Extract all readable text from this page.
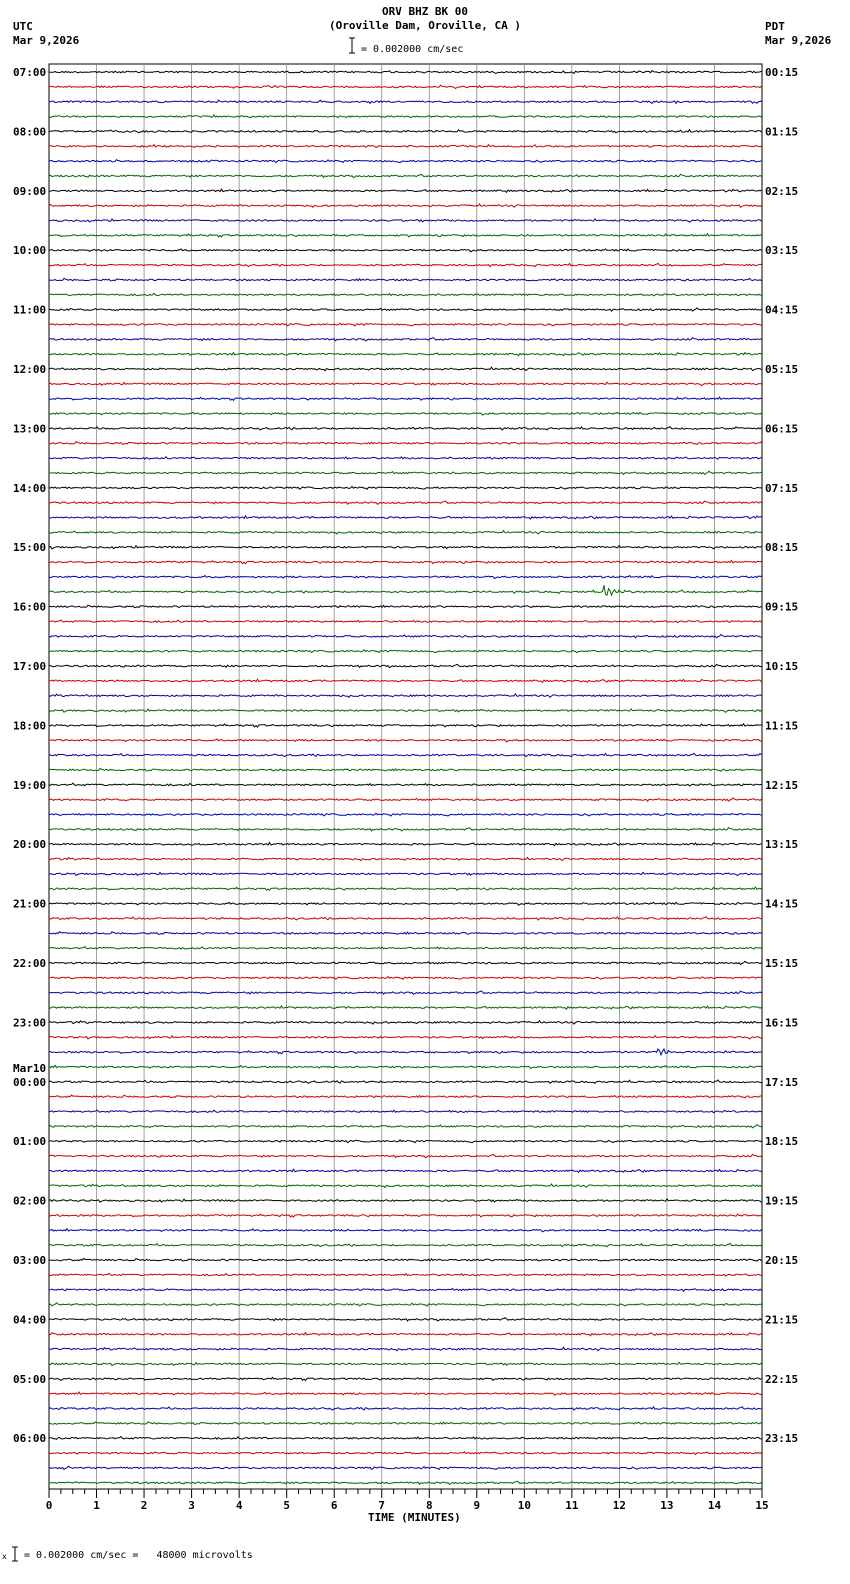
ORV BHZ BK 00
(Oroville Dam, Oroville, CA )
UTC
Mar 9,2026
PDT
Mar 9,2026
= 0.002000 cm/sec
07:00
08:00
09:00
10:00
11:00
12:00
13:00
14:00
15:00
16:00
17:00
18:00
19:00
20:00
21:00
22:00
23:00
00:00
01:00
02:00
03:00
04:00
05:00
06:00
00:15
01:15
02:15
03:15
04:15
05:15
06:15
07:15
08:15
09:15
10:15
11:15
12:15
13:15
14:15
15:15
16:15
17:15
18:15
19:15
20:15
21:15
22:15
23:15
Mar10
0	1	2	3	4	5	6	7	8	9	10	11	12	13	14	15
TIME (MINUTES)
x = 0.002000 cm/sec =   48000 microvolts
